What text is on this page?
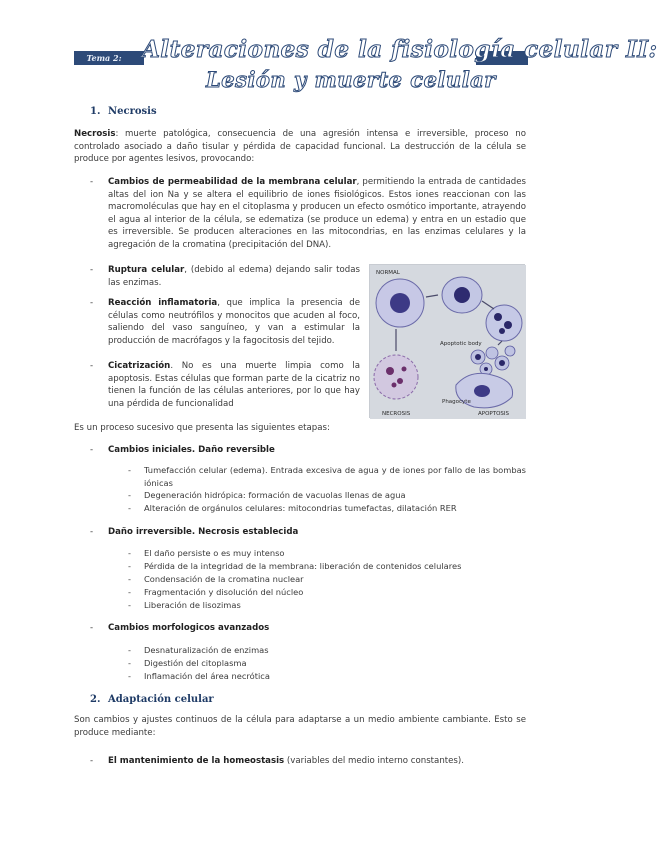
Tema 2: Alteraciones de la fisiología celular II:
Lesión y muerte celular
1. Necrosis
Necrosis: muerte patológica, consecuencia de una agresión intensa e irreversible, proceso no controlado asociado a daño tisular y pérdida de capacidad funcional. La destrucción de la célula se produce por agentes lesivos, provocando:
- Cambios de permeabilidad de la membrana celular, permitiendo la entrada de cantidades altas del ion Na y se altera el equilibrio de iones fisiológicos. Estos iones reaccionan con las macromoléculas que hay en el citoplasma y producen un efecto osmótico importante, atrayendo el agua al interior de la célula, se edematiza (se produce un edema) y entra en un estadio que es irreversible. Se producen alteraciones en las mitocondrias, en las enzimas celulares y la agregación de la cromatina (precipitación del DNA).
- Ruptura celular, (debido al edema) dejando salir todas las enzimas.
- Reacción inflamatoria, que implica la presencia de células como neutrófilos y monocitos que acuden al foco, saliendo del vaso sanguíneo, y van a estimular la producción de macrófagos y la fagocitosis del tejido.
- Cicatrización. No es una muerte limpia como la apoptosis. Estas células que forman parte de la cicatriz no tienen la función de las células anteriores, por lo que hay una pérdida de funcionalidad
NORMAL
Apoptotic body
Phagocyte
NECROSIS	APOPTOSIS
Es un proceso sucesivo que presenta las siguientes etapas:
- Cambios iniciales. Daño reversible
- Tumefacción celular (edema). Entrada excesiva de agua y de iones por fallo de las bombas iónicas
- Degeneración hidrópica: formación de vacuolas llenas de agua
- Alteración de orgánulos celulares: mitocondrias tumefactas, dilatación RER
- Daño irreversible. Necrosis establecida
- El daño persiste o es muy intenso
- Pérdida de la integridad de la membrana: liberación de contenidos celulares
- Condensación de la cromatina nuclear
- Fragmentación y disolución del núcleo
- Liberación de lisozimas
- Cambios morfologicos avanzados
- Desnaturalización de enzimas
- Digestión del citoplasma
- Inflamación del área necrótica
2. Adaptación celular
Son cambios y ajustes continuos de la célula para adaptarse a un medio ambiente cambiante. Esto se produce mediante:
- El mantenimiento de la homeostasis (variables del medio interno constantes).
